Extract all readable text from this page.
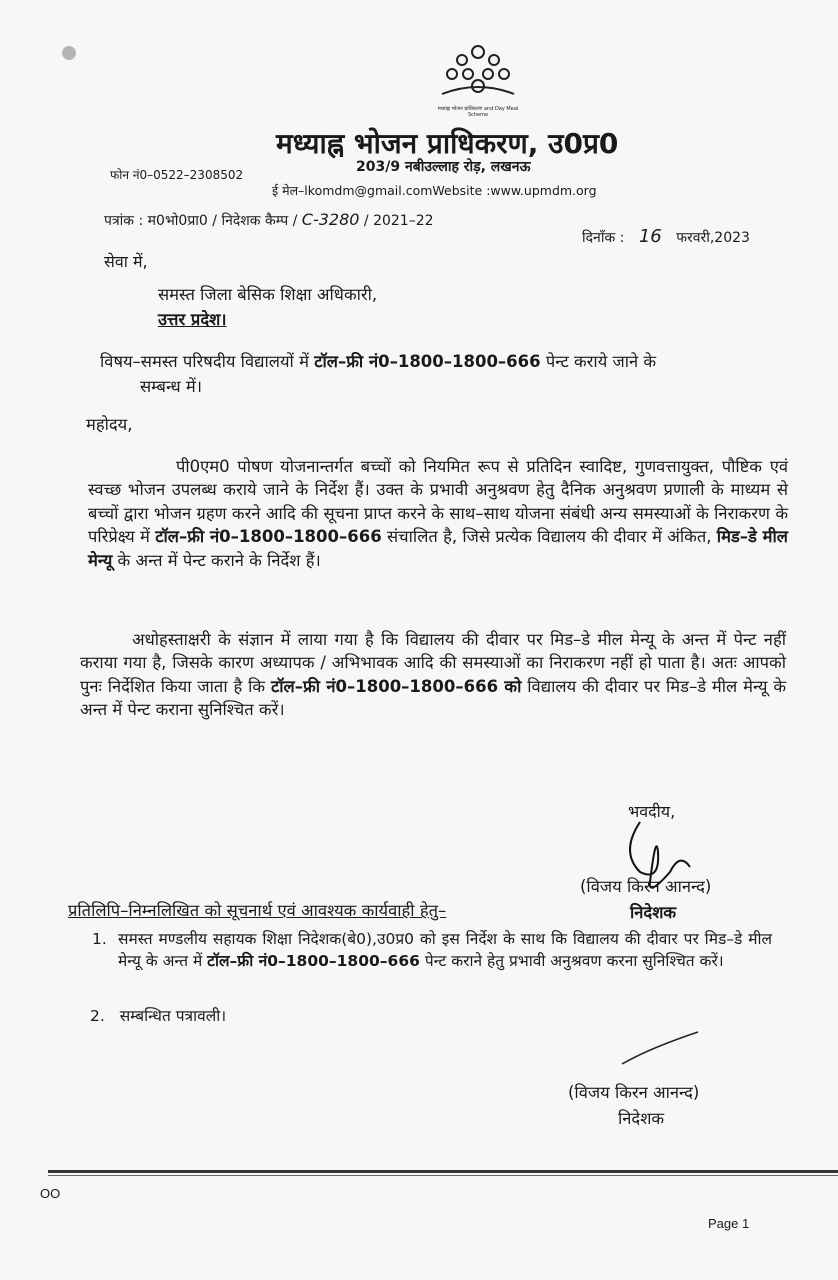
मध्याह्न भोजन प्राधिकरण and Day Meal Scheme
मध्याह्न भोजन प्राधिकरण, उ0प्र0
203/9 नबीउल्लाह रोड़, लखनऊ
फोन नं0–0522–2308502
ई मेल–lkomdm@gmail.comWebsite :www.upmdm.org
पत्रांक : म0भो0प्रा0 / निदेशक कैम्प / C-3280 / 2021–22
दिनाँक : 16 फरवरी,2023
सेवा में,
समस्त जिला बेसिक शिक्षा अधिकारी,
उत्तर प्रदेश।
विषय–समस्त परिषदीय विद्यालयों में टॉल–फ्री नं0–1800–1800–666 पेन्ट कराये जाने के
सम्बन्ध में।
महोदय,
पी0एम0 पोषण योजनान्तर्गत बच्चों को नियमित रूप से प्रतिदिन स्वादिष्ट, गुणवत्तायुक्त, पौष्टिक एवं स्वच्छ भोजन उपलब्ध कराये जाने के निर्देश हैं। उक्त के प्रभावी अनुश्रवण हेतु दैनिक अनुश्रवण प्रणाली के माध्यम से बच्चों द्वारा भोजन ग्रहण करने आदि की सूचना प्राप्त करने के साथ–साथ योजना संबंधी अन्य समस्याओं के निराकरण के परिप्रेक्ष्य में टॉल–फ्री नं0–1800–1800–666 संचालित है, जिसे प्रत्येक विद्यालय की दीवार में अंकित, मिड–डे मील मेन्यू के अन्त में पेन्ट कराने के निर्देश हैं।
अधोहस्ताक्षरी के संज्ञान में लाया गया है कि विद्यालय की दीवार पर मिड–डे मील मेन्यू के अन्त में पेन्ट नहीं कराया गया है, जिसके कारण अध्यापक / अभिभावक आदि की समस्याओं का निराकरण नहीं हो पाता है। अतः आपको पुनः निर्देशित किया जाता है कि टॉल–फ्री नं0–1800–1800–666 को विद्यालय की दीवार पर मिड–डे मील मेन्यू के अन्त में पेन्ट कराना सुनिश्चित करें।
भवदीय,
(विजय किरन आनन्द)
निदेशक
प्रतिलिपि–निम्नलिखित को सूचनार्थ एवं आवश्यक कार्यवाही हेतु–
1. समस्त मण्डलीय सहायक शिक्षा निदेशक(बे0),उ0प्र0 को इस निर्देश के साथ कि विद्यालय की दीवार पर मिड–डे मील मेन्यू के अन्त में टॉल–फ्री नं0–1800–1800–666 पेन्ट कराने हेतु प्रभावी अनुश्रवण करना सुनिश्चित करें।
2. सम्बन्धित पत्रावली।
(विजय किरन आनन्द)
निदेशक
OO
Page 1
